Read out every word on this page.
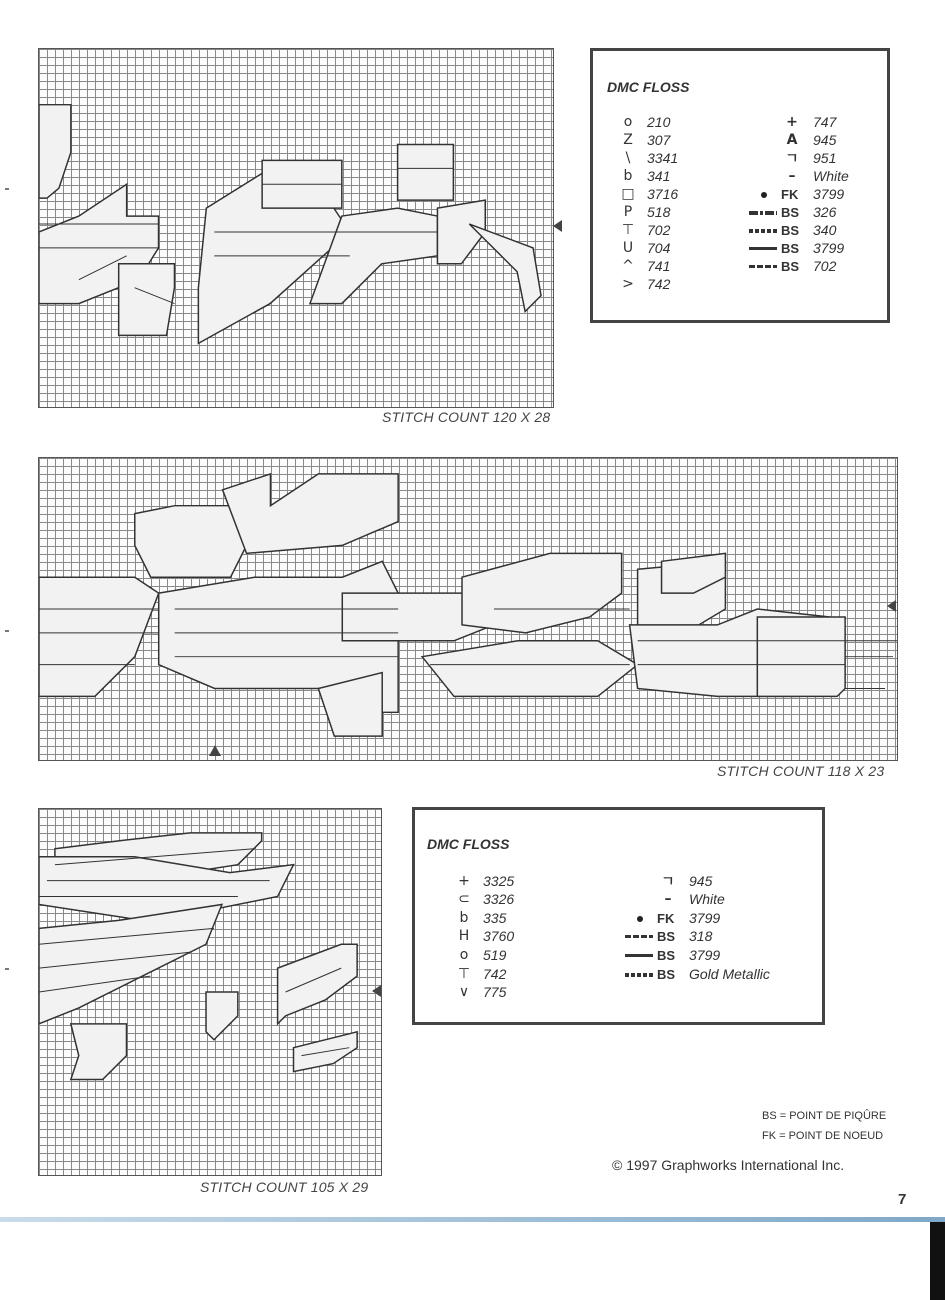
STITCH COUNT 120 X 28
DMC FLOSS
o	210
Z	307
\	3341
b	341
□ 3716
P	518
⊤ 702
U 704
^ 741
> 742
+	747
A	945
ㄱ	951
–	White
FK	3799
BS 326
BS 340
BS 3799
BS 702
STITCH COUNT 118 X 23
STITCH COUNT 105 X 29
DMC FLOSS
+ 3325
⊂ 3326
b	335
H 3760
o	519
⊤ 742
∨ 775
ㄱ	945
–	White
FK	3799
BS 318
BS 3799
BS Gold Metallic
BS = POINT DE PIQÛRE
FK = POINT DE NOEUD
© 1997 Graphworks International Inc.
7
